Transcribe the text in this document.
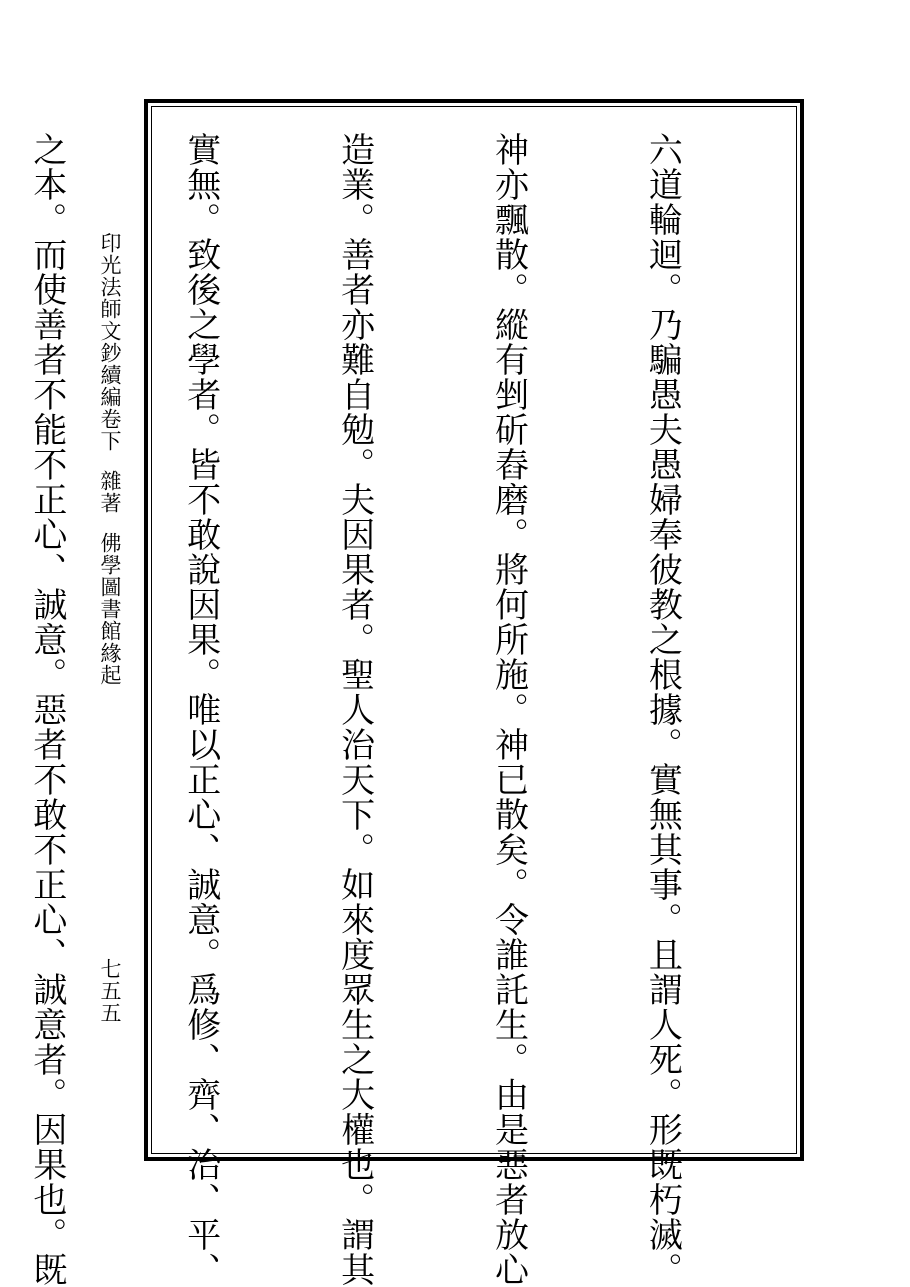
六道輪迴。乃騙愚夫愚婦奉彼教之根據。實無其事。且謂人死。形既朽滅。

神亦飄散。縱有剉斫舂磨。將何所施。神已散矣。令誰託生。由是惡者放心

造業。善者亦難自勉。夫因果者。聖人治天下。如來度眾生之大權也。謂其

實無。致後之學者。皆不敢說因果。唯以正心、誠意。爲修、齊、治、平、

之本。而使善者不能不正心、誠意。惡者不敢不正心、誠意者。因果也。既

印光法師文鈔續編卷下雜著佛學圖書館緣起
七五五
